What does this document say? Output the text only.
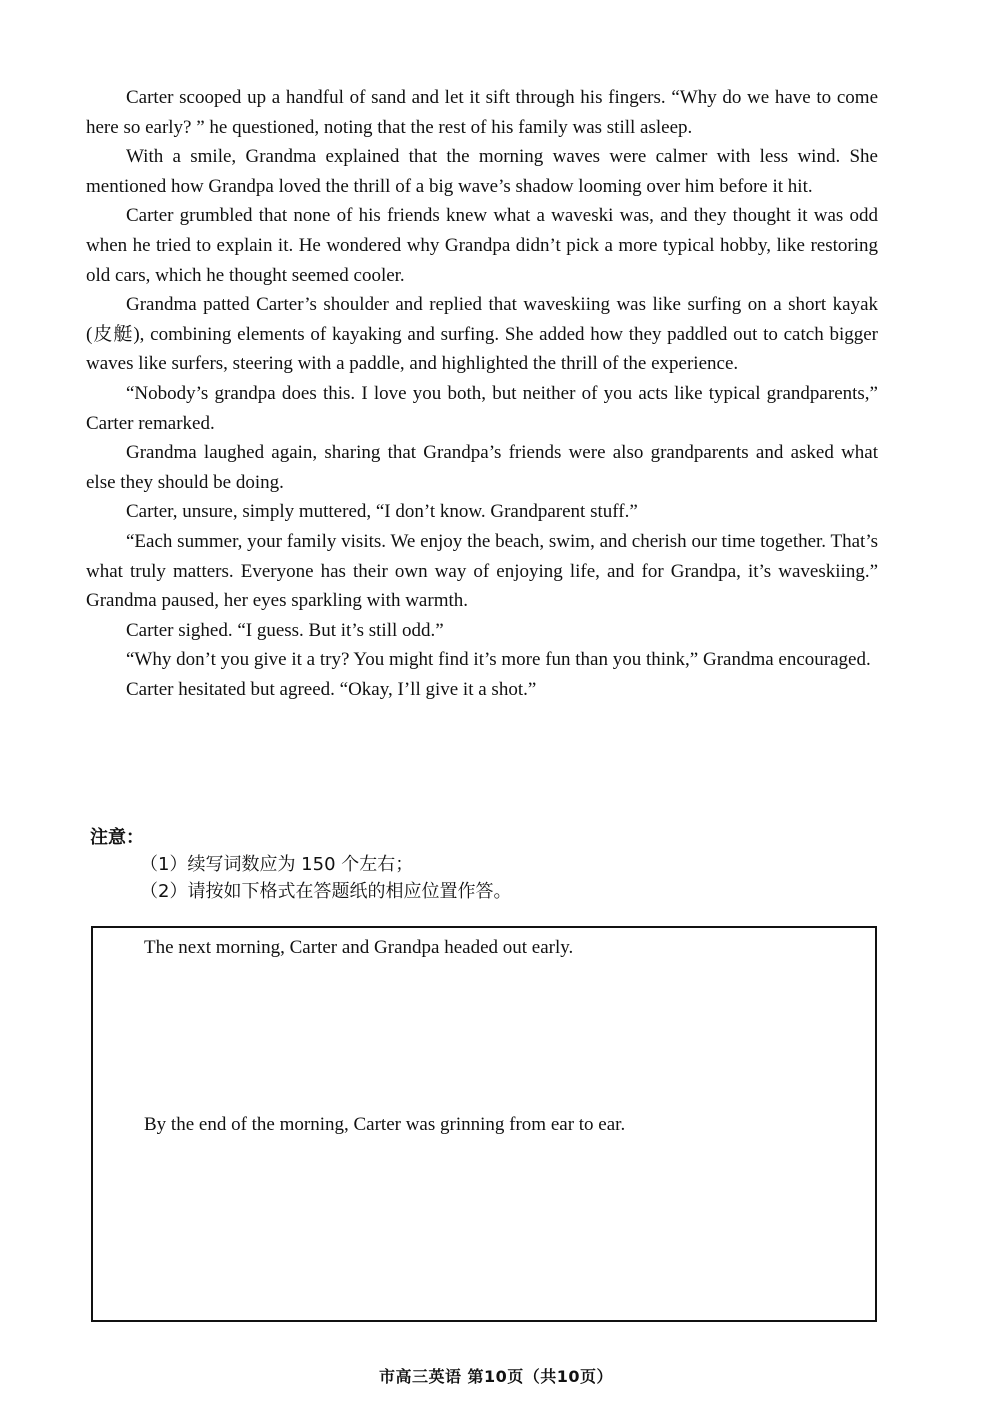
Carter scooped up a handful of sand and let it sift through his fingers. “Why do we have to come here so early? ” he questioned, noting that the rest of his family was still asleep.

With a smile, Grandma explained that the morning waves were calmer with less wind. She mentioned how Grandpa loved the thrill of a big wave’s shadow looming over him before it hit.

Carter grumbled that none of his friends knew what a waveski was, and they thought it was odd when he tried to explain it. He wondered why Grandpa didn’t pick a more typical hobby, like restoring old cars, which he thought seemed cooler.

Grandma patted Carter’s shoulder and replied that waveskiing was like surfing on a short kayak (皮艇), combining elements of kayaking and surfing. She added how they paddled out to catch bigger waves like surfers, steering with a paddle, and highlighted the thrill of the experience.

“Nobody’s grandpa does this. I love you both, but neither of you acts like typical grandparents,” Carter remarked.

Grandma laughed again, sharing that Grandpa’s friends were also grandparents and asked what else they should be doing.

Carter, unsure, simply muttered, “I don’t know. Grandparent stuff.”

“Each summer, your family visits. We enjoy the beach, swim, and cherish our time together. That’s what truly matters. Everyone has their own way of enjoying life, and for Grandpa, it’s waveskiing.” Grandma paused, her eyes sparkling with warmth.

Carter sighed. “I guess. But it’s still odd.”

“Why don’t you give it a try? You might find it’s more fun than you think,” Grandma encouraged.

Carter hesitated but agreed. “Okay, I’ll give it a shot.”

注意：

（1）续写词数应为 150 个左右；

（2）请按如下格式在答题纸的相应位置作答。

The next morning, Carter and Grandpa headed out early.

By the end of the morning, Carter was grinning from ear to ear.

市高三英语 第10页（共10页）
